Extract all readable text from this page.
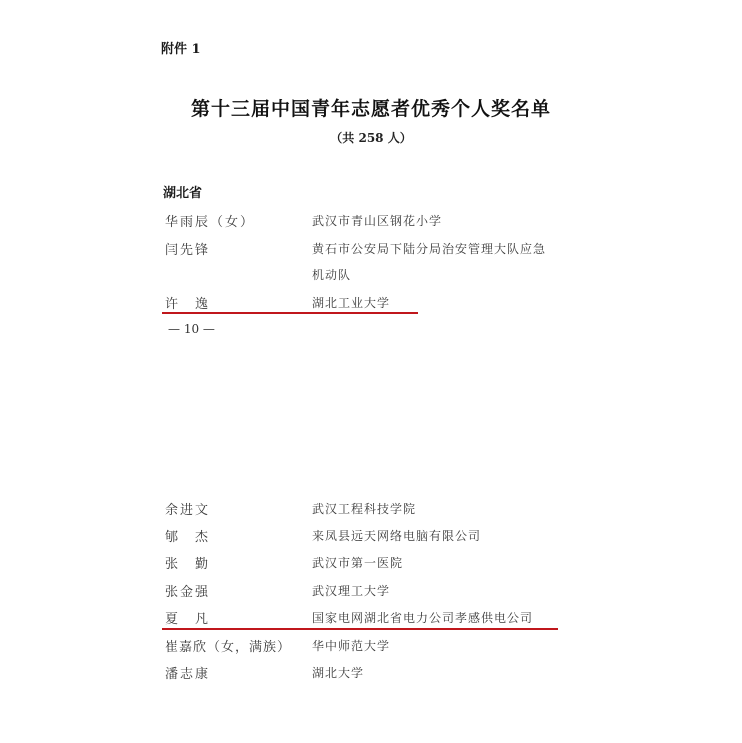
附件 1
第十三届中国青年志愿者优秀个人奖名单
（共 258 人）
湖北省
华雨辰（女）	武汉市青山区钢花小学
闫先锋	黄石市公安局下陆分局治安管理大队应急
机动队
许　逸	湖北工业大学
— 10 —
余进文	武汉工程科技学院
郇　杰	来凤县远天网络电脑有限公司
张　勤	武汉市第一医院
张金强	武汉理工大学
夏　凡	国家电网湖北省电力公司孝感供电公司
崔嘉欣（女，满族） 华中师范大学
潘志康	湖北大学
